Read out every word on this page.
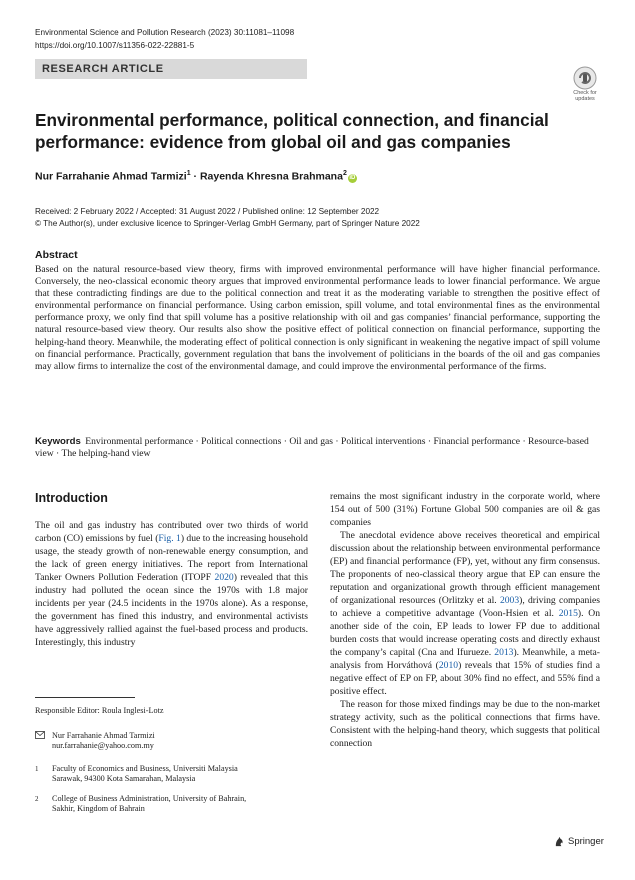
Environmental Science and Pollution Research (2023) 30:11081–11098
https://doi.org/10.1007/s11356-022-22881-5
RESEARCH ARTICLE
Check for
updates
Environmental performance, political connection, and financial
performance: evidence from global oil and gas companies
Nur Farrahanie Ahmad Tarmizi$^1$ · Rayenda Khresna Brahmana$^2$iD
Received: 2 February 2022 / Accepted: 31 August 2022 / Published online: 12 September 2022
© The Author(s), under exclusive licence to Springer-Verlag GmbH Germany, part of Springer Nature 2022
Abstract
Based on the natural resource-based view theory, firms with improved environmental performance will have higher financial performance. Conversely, the neo-classical economic theory argues that improved environmental performance leads to lower financial performance. We argue that these contradicting findings are due to the political connection and treat it as the moderating variable to strengthen the positive effect of environmental performance on financial performance. Using carbon emission, spill volume, and total environmental fines as the environmental performance proxy, we only find that spill volume has a positive relationship with oil and gas companies’ financial performance, supporting the natural resource-based view theory. Our results also show the positive effect of political connection on financial performance, supporting the helping-hand theory. Meanwhile, the moderating effect of political connection is only significant in weakening the negative impact of spill volume on financial performance. Practically, government regulation that bans the involvement of politicians in the boards of the oil and gas companies may allow firms to internalize the cost of the environmental damage, and could improve the environmental performance of the firms.
Keywords Environmental performance · Political connections · Oil and gas · Political interventions · Financial performance · Resource-based view · The helping-hand view
Introduction

The oil and gas industry has contributed over two thirds of world carbon (CO) emissions by fuel (Fig. 1) due to the increasing household usage, the steady growth of non-renewable energy consumption, and the lack of green energy initiatives. The report from International Tanker Owners Pollution Federation (ITOPF 2020) revealed that this industry had polluted the ocean since the 1970s with 1.8 major incidents per year (24.5 incidents in the 1970s alone). As a response, the government has fined this industry, and environmental activists have aggressively rallied against the fuel-based process and products. Interestingly, this industry

remains the most significant industry in the corporate world, where 154 out of 500 (31%) Fortune Global 500 companies are oil & gas companies

The anecdotal evidence above receives theoretical and empirical discussion about the relationship between environmental performance (EP) and financial performance (FP), yet, without any firm consensus. The proponents of neo-classical theory argue that EP can ensure the reputation and organizational growth through efficient management of organizational resources (Orlitzky et al. 2003), driving companies to achieve a competitive advantage (Voon-Hsien et al. 2015). On another side of the coin, EP leads to lower FP due to additional burden costs that would increase operating costs and directly exhaust the company’s capital (Cna and Ifurueze. 2013). Meanwhile, a meta-analysis from Horváthová (2010) reveals that 15% of studies find a negative effect of EP on FP, about 30% find no effect, and 55% find a positive effect.

The reason for those mixed findings may be due to the non-market strategy activity, such as the political connections that firms have. Consistent with the helping-hand theory, which suggests that political connection

Responsible Editor: Roula Inglesi-Lotz
Nur Farrahanie Ahmad Tarmizi
nur.farrahanie@yahoo.com.my
1	Faculty of Economics and Business, Universiti Malaysia
Sarawak, 94300 Kota Samarahan, Malaysia
2	College of Business Administration, University of Bahrain,
Sakhir, Kingdom of Bahrain
Springer
